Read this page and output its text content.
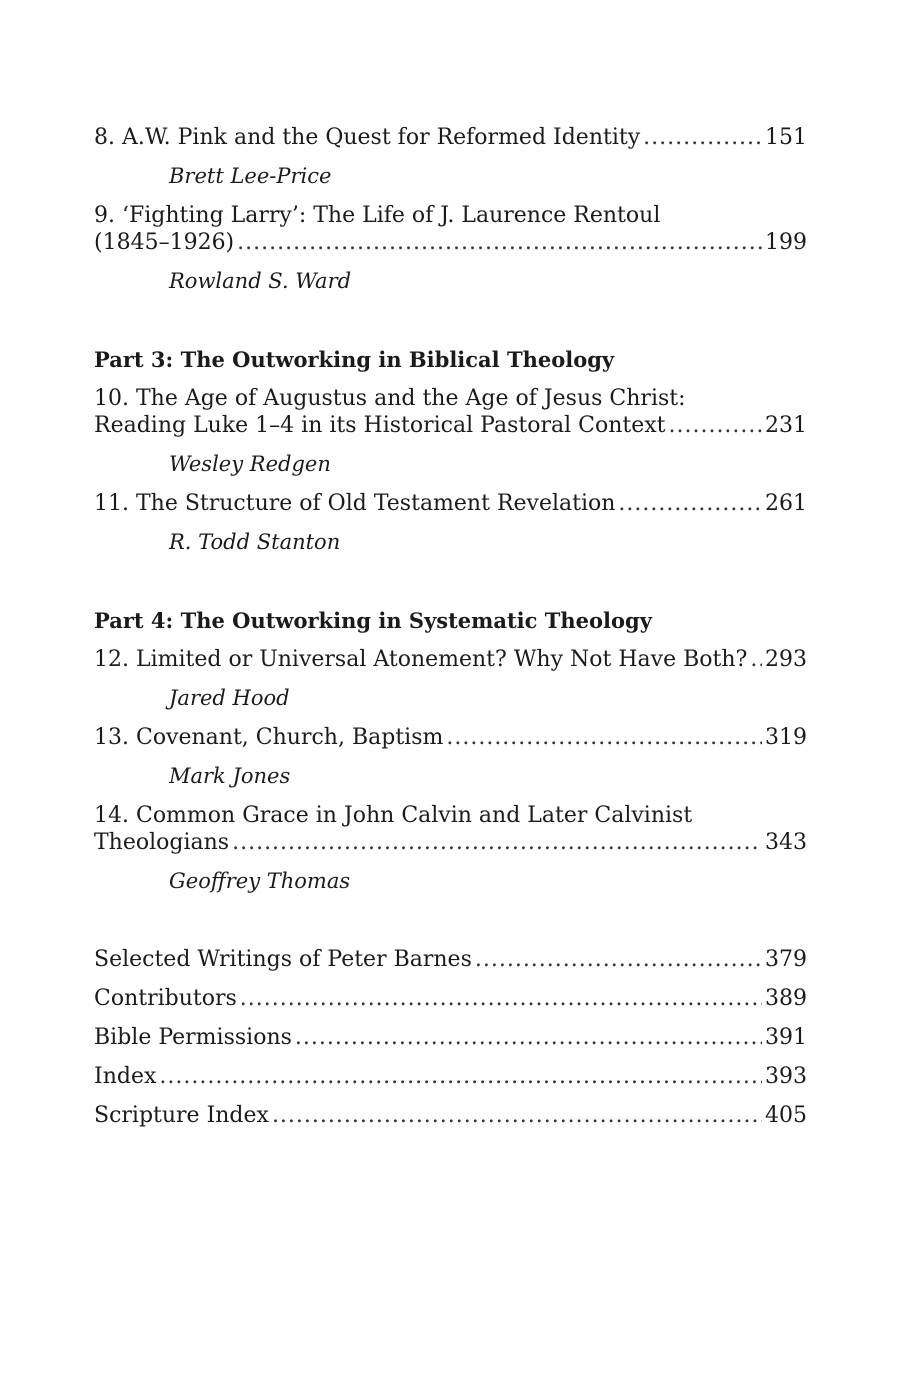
8. A.W. Pink and the Quest for Reformed Identity .....	151
Brett Lee-Price
9. ‘Fighting Larry’: The Life of J. Laurence Rentoul
(1845–1926) .....	199
Rowland S. Ward
Part 3: The Outworking in Biblical Theology
10. The Age of Augustus and the Age of Jesus Christ:
Reading Luke 1–4 in its Historical Pastoral Context .....	231
Wesley Redgen
11. The Structure of Old Testament Revelation .....	261
R. Todd Stanton
Part 4: The Outworking in Systematic Theology
12. Limited or Universal Atonement? Why Not Have Both? ..... 293
Jared Hood
13. Covenant, Church, Baptism .....	319
Mark Jones
14. Common Grace in John Calvin and Later Calvinist
Theologians .....	343
Geoffrey Thomas
Selected Writings of Peter Barnes .....	379
Contributors .....	389
Bible Permissions .....	391
Index .....	393
Scripture Index .....	405
